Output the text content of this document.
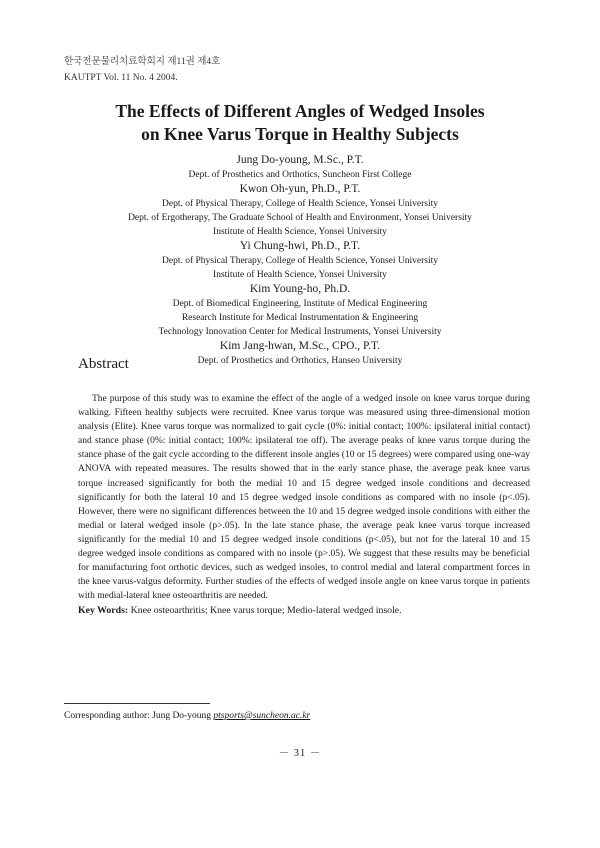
한국전문물리치료학회지 제11권 제4호
KAUTPT Vol. 11 No. 4 2004.
The Effects of Different Angles of Wedged Insoles
on Knee Varus Torque in Healthy Subjects
Jung Do-young, M.Sc., P.T.
Dept. of Prosthetics and Orthotics, Suncheon First College
Kwon Oh-yun, Ph.D., P.T.
Dept. of Physical Therapy, College of Health Science, Yonsei University
Dept. of Ergotherapy, The Graduate School of Health and Environment, Yonsei University
Institute of Health Science, Yonsei University
Yi Chung-hwi, Ph.D., P.T.
Dept. of Physical Therapy, College of Health Science, Yonsei University
Institute of Health Science, Yonsei University
Kim Young-ho, Ph.D.
Dept. of Biomedical Engineering, Institute of Medical Engineering
Research Institute for Medical Instrumentation & Engineering
Technology Innovation Center for Medical Instruments, Yonsei University
Kim Jang-hwan, M.Sc., CPO., P.T.
Dept. of Prosthetics and Orthotics, Hanseo University
Abstract
The purpose of this study was to examine the effect of the angle of a wedged insole on knee varus torque during walking. Fifteen healthy subjects were recruited. Knee varus torque was measured using three-dimensional motion analysis (Elite). Knee varus torque was normalized to gait cycle (0%: initial contact; 100%: ipsilateral initial contact) and stance phase (0%: initial contact; 100%: ipsilateral toe off). The average peaks of knee varus torque during the stance phase of the gait cycle according to the different insole angles (10 or 15 degrees) were compared using one-way ANOVA with repeated measures. The results showed that in the early stance phase, the average peak knee varus torque increased significantly for both the medial 10 and 15 degree wedged insole conditions and decreased significantly for both the lateral 10 and 15 degree wedged insole conditions as compared with no insole (p<.05). However, there were no significant differences between the 10 and 15 degree wedged insole conditions with either the medial or lateral wedged insole (p>.05). In the late stance phase, the average peak knee varus torque increased significantly for the medial 10 and 15 degree wedged insole conditions (p<.05), but not for the lateral 10 and 15 degree wedged insole conditions as compared with no insole (p>.05). We suggest that these results may be beneficial for manufacturing foot orthotic devices, such as wedged insoles, to control medial and lateral compartment forces in the knee varus-valgus deformity. Further studies of the effects of wedged insole angle on knee varus torque in patients with medial-lateral knee osteoarthritis are needed.
Key Words: Knee osteoarthritis; Knee varus torque; Medio-lateral wedged insole.
Corresponding author: Jung Do-young ptsports@suncheon.ac.kr
－ 31 －
